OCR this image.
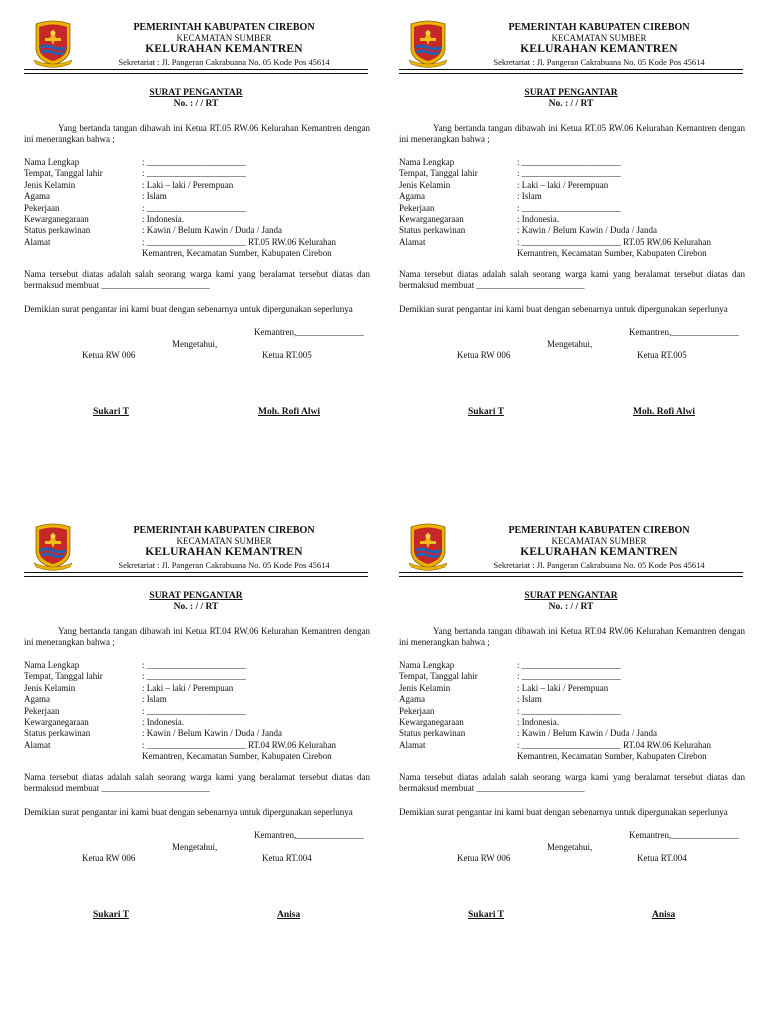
PEMERINTAH KABUPATEN CIREBON
KECAMATAN SUMBER
KELURAHAN KEMANTREN
Sekretariat : Jl. Pangeran Cakrabuana No. 05 Kode Pos 45614
SURAT PENGANTAR
No. : / / RT
Yang bertanda tangan dibawah ini Ketua RT.05 RW.06 Kelurahan Kemantren dengan ini menerangkan bahwa ;
Nama Lengkap	: ______________________
Tempat, Tanggal lahir	: ______________________
Jenis Kelamin	: Laki – laki / Perempuan
Agama	: Islam
Pekerjaan	: ______________________
Kewarganegaraan	: Indonesia.
Status perkawinan	: Kawin / Belum Kawin / Duda / Janda
Alamat	: ______________________ RT.05 RW.06 Kelurahan
Kemantren, Kecamatan Sumber, Kabupaten Cirebon
Nama tersebut diatas adalah salah seorang warga kami yang beralamat tersebut diatas dan bermaksud membuat ________________________
Demikian surat pengantar ini kami buat dengan sebenarnya untuk dipergunakan seperlunya
Kemantren,_______________
Mengetahui,
Ketua RW 006	Ketua RT.005
Sukari T	Moh. Rofi Alwi
PEMERINTAH KABUPATEN CIREBON
KECAMATAN SUMBER
KELURAHAN KEMANTREN
Sekretariat : Jl. Pangeran Cakrabuana No. 05 Kode Pos 45614
SURAT PENGANTAR
No. : / / RT
Yang bertanda tangan dibawah ini Ketua RT.05 RW.06 Kelurahan Kemantren dengan ini menerangkan bahwa ;
Nama Lengkap	: ______________________
Tempat, Tanggal lahir	: ______________________
Jenis Kelamin	: Laki – laki / Perempuan
Agama	: Islam
Pekerjaan	: ______________________
Kewarganegaraan	: Indonesia.
Status perkawinan	: Kawin / Belum Kawin / Duda / Janda
Alamat	: ______________________ RT.05 RW.06 Kelurahan
Kemantren, Kecamatan Sumber, Kabupaten Cirebon
Nama tersebut diatas adalah salah seorang warga kami yang beralamat tersebut diatas dan bermaksud membuat ________________________
Demikian surat pengantar ini kami buat dengan sebenarnya untuk dipergunakan seperlunya
Kemantren,_______________
Mengetahui,
Ketua RW 006	Ketua RT.005
Sukari T	Moh. Rofi Alwi
PEMERINTAH KABUPATEN CIREBON
KECAMATAN SUMBER
KELURAHAN KEMANTREN
Sekretariat : Jl. Pangeran Cakrabuana No. 05 Kode Pos 45614
SURAT PENGANTAR
No. : / / RT
Yang bertanda tangan dibawah ini Ketua RT.04 RW.06 Kelurahan Kemantren dengan ini menerangkan bahwa ;
Nama Lengkap	: ______________________
Tempat, Tanggal lahir	: ______________________
Jenis Kelamin	: Laki – laki / Perempuan
Agama	: Islam
Pekerjaan	: ______________________
Kewarganegaraan	: Indonesia.
Status perkawinan	: Kawin / Belum Kawin / Duda / Janda
Alamat	: ______________________ RT.04 RW.06 Kelurahan
Kemantren, Kecamatan Sumber, Kabupaten Cirebon
Nama tersebut diatas adalah salah seorang warga kami yang beralamat tersebut diatas dan bermaksud membuat ________________________
Demikian surat pengantar ini kami buat dengan sebenarnya untuk dipergunakan seperlunya
Kemantren,_______________
Mengetahui,
Ketua RW 006	Ketua RT.004
Sukari T	Anisa
PEMERINTAH KABUPATEN CIREBON
KECAMATAN SUMBER
KELURAHAN KEMANTREN
Sekretariat : Jl. Pangeran Cakrabuana No. 05 Kode Pos 45614
SURAT PENGANTAR
No. : / / RT
Yang bertanda tangan dibawah ini Ketua RT.04 RW.06 Kelurahan Kemantren dengan ini menerangkan bahwa ;
Nama Lengkap	: ______________________
Tempat, Tanggal lahir	: ______________________
Jenis Kelamin	: Laki – laki / Perempuan
Agama	: Islam
Pekerjaan	: ______________________
Kewarganegaraan	: Indonesia.
Status perkawinan	: Kawin / Belum Kawin / Duda / Janda
Alamat	: ______________________ RT.04 RW.06 Kelurahan
Kemantren, Kecamatan Sumber, Kabupaten Cirebon
Nama tersebut diatas adalah salah seorang warga kami yang beralamat tersebut diatas dan bermaksud membuat ________________________
Demikian surat pengantar ini kami buat dengan sebenarnya untuk dipergunakan seperlunya
Kemantren,_______________
Mengetahui,
Ketua RW 006	Ketua RT.004
Sukari T	Anisa
